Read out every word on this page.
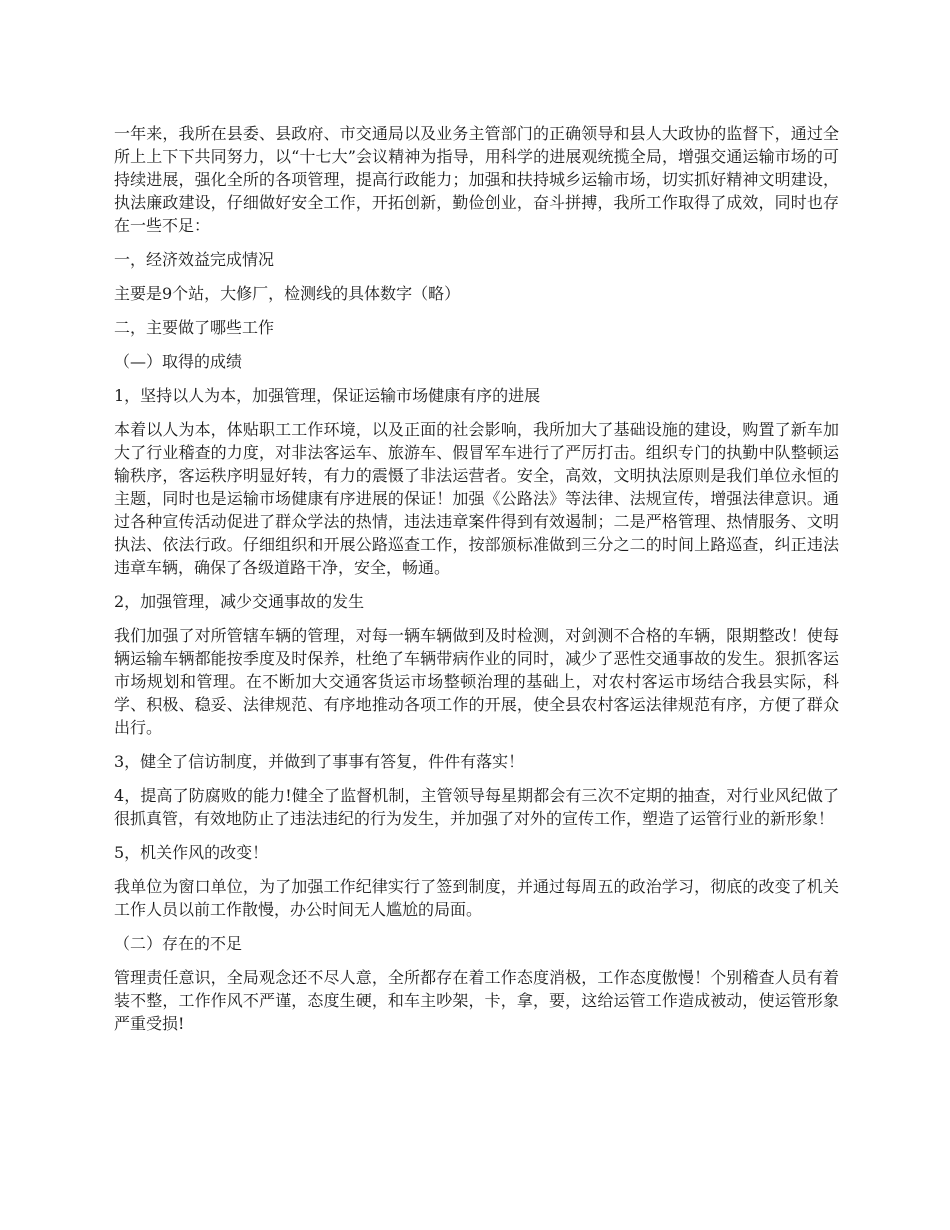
一年来，我所在县委、县政府、市交通局以及业务主管部门的正确领导和县人大政协的监督下，通过全所上上下下共同努力，以“十七大”会议精神为指导，用科学的进展观统揽全局，增强交通运输市场的可持续进展，强化全所的各项管理，提高行政能力；加强和扶持城乡运输市场，切实抓好精神文明建设，执法廉政建设，仔细做好安全工作，开拓创新，勤俭创业，奋斗拼搏，我所工作取得了成效，同时也存在一些不足：

一，经济效益完成情况

主要是9个站，大修厂，检测线的具体数字（略）

二，主要做了哪些工作

（—）取得的成绩

1，坚持以人为本，加强管理，保证运输市场健康有序的进展

本着以人为本，体贴职工工作环境，以及正面的社会影响，我所加大了基础设施的建设，购置了新车加大了行业稽查的力度，对非法客运车、旅游车、假冒军车进行了严厉打击。组织专门的执勤中队整顿运输秩序，客运秩序明显好转，有力的震慑了非法运营者。安全，高效，文明执法原则是我们单位永恒的主题，同时也是运输市场健康有序进展的保证！加强《公路法》等法律、法规宣传，增强法律意识。通过各种宣传活动促进了群众学法的热情，违法违章案件得到有效遏制；二是严格管理、热情服务、文明执法、依法行政。仔细组织和开展公路巡查工作，按部颁标准做到三分之二的时间上路巡查，纠正违法违章车辆，确保了各级道路干净，安全，畅通。

2，加强管理，减少交通事故的发生

我们加强了对所管辖车辆的管理，对每一辆车辆做到及时检测，对剑测不合格的车辆，限期整改！使每辆运输车辆都能按季度及时保养，杜绝了车辆带病作业的同时，减少了恶性交通事故的发生。狠抓客运市场规划和管理。在不断加大交通客货运市场整顿治理的基础上，对农村客运市场结合我县实际，科学、积极、稳妥、法律规范、有序地推动各项工作的开展，使全县农村客运法律规范有序，方便了群众出行。

3，健全了信访制度，并做到了事事有答复，件件有落实！

4，提高了防腐败的能力!健全了监督机制，主管领导每星期都会有三次不定期的抽查，对行业风纪做了很抓真管，有效地防止了违法违纪的行为发生，并加强了对外的宣传工作，塑造了运管行业的新形象！

5，机关作风的改变！

我单位为窗口单位，为了加强工作纪律实行了签到制度，并通过每周五的政治学习，彻底的改变了机关工作人员以前工作散慢，办公时间无人尴尬的局面。

（二）存在的不足

管理责任意识，全局观念还不尽人意，全所都存在着工作态度消极，工作态度傲慢！个别稽查人员有着装不整，工作作风不严谨，态度生硬，和车主吵架，卡，拿，要，这给运管工作造成被动，使运管形象严重受损!
